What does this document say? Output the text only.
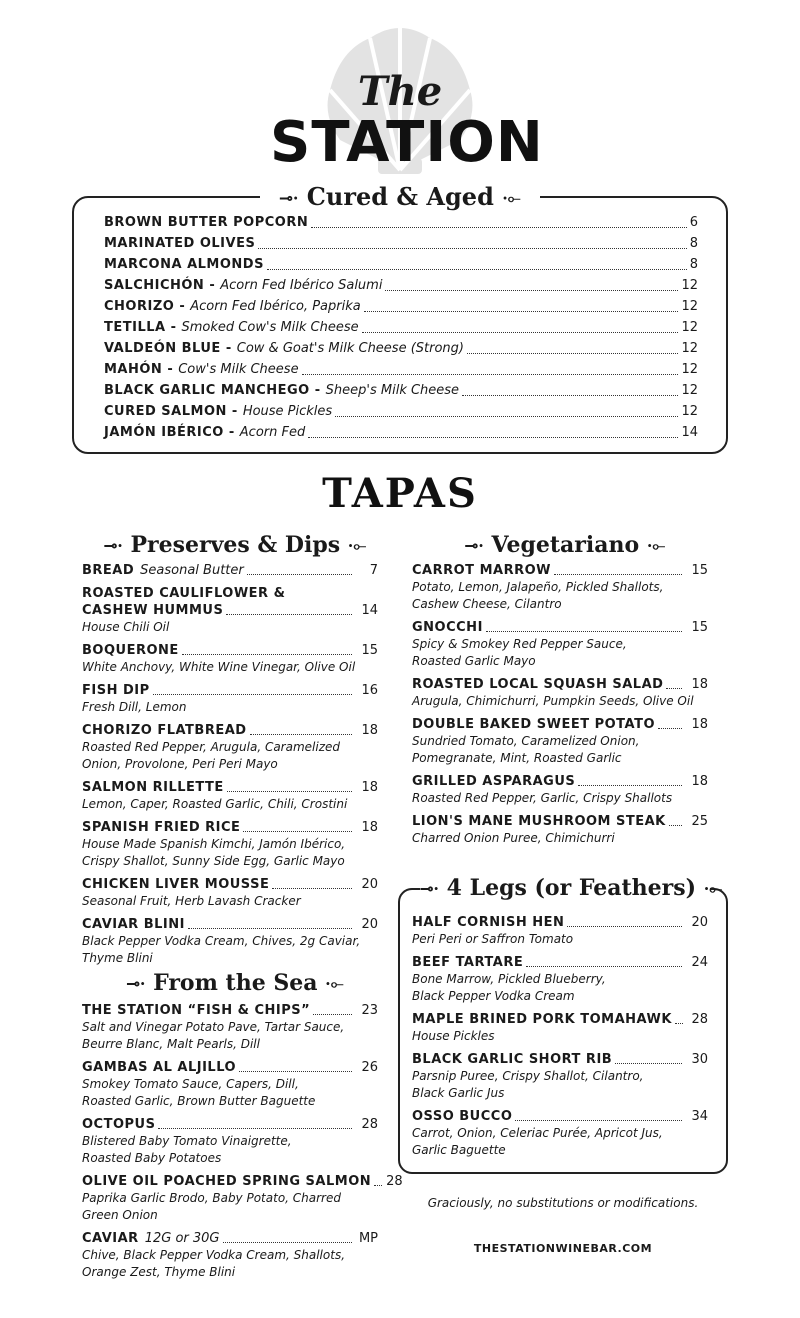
The
STATION
⊸· Cured & Aged ·⟜
BROWN BUTTER POPCORN	6
MARINATED OLIVES	8
MARCONA ALMONDS	8
SALCHICHÓN - Acorn Fed Ibérico Salumi	12
CHORIZO - Acorn Fed Ibérico, Paprika	12
TETILLA - Smoked Cow's Milk Cheese	12
VALDEÓN BLUE - Cow & Goat's Milk Cheese (Strong)	12
MAHÓN - Cow's Milk Cheese	12
BLACK GARLIC MANCHEGO - Sheep's Milk Cheese	12
CURED SALMON - House Pickles	12
JAMÓN IBÉRICO - Acorn Fed	14
TAPAS
⊸· Preserves & Dips ·⟜
BREAD Seasonal Butter	7
ROASTED CAULIFLOWER &
CASHEW HUMMUS	14
House Chili Oil
BOQUERONE	15
White Anchovy, White Wine Vinegar, Olive Oil
FISH DIP	16
Fresh Dill, Lemon
CHORIZO FLATBREAD	18
Roasted Red Pepper, Arugula, Caramelized
Onion, Provolone, Peri Peri Mayo
SALMON RILLETTE	18
Lemon, Caper, Roasted Garlic, Chili, Crostini
SPANISH FRIED RICE	18
House Made Spanish Kimchi, Jamón Ibérico,
Crispy Shallot, Sunny Side Egg, Garlic Mayo
CHICKEN LIVER MOUSSE	20
Seasonal Fruit, Herb Lavash Cracker
CAVIAR BLINI	20
Black Pepper Vodka Cream, Chives, 2g Caviar,
Thyme Blini
⊸· From the Sea ·⟜
THE STATION “FISH & CHIPS”	23
Salt and Vinegar Potato Pave, Tartar Sauce,
Beurre Blanc, Malt Pearls, Dill
GAMBAS AL ALJILLO	26
Smokey Tomato Sauce, Capers, Dill,
Roasted Garlic, Brown Butter Baguette
OCTOPUS	28
Blistered Baby Tomato Vinaigrette,
Roasted Baby Potatoes
OLIVE OIL POACHED SPRING SALMON 28
Paprika Garlic Brodo, Baby Potato, Charred
Green Onion
CAVIAR 12G or 30G	MP
Chive, Black Pepper Vodka Cream, Shallots,
Orange Zest, Thyme Blini
⊸· Vegetariano ·⟜
CARROT MARROW	15
Potato, Lemon, Jalapeño, Pickled Shallots,
Cashew Cheese, Cilantro
GNOCCHI	15
Spicy & Smokey Red Pepper Sauce,
Roasted Garlic Mayo
ROASTED LOCAL SQUASH SALAD	18
Arugula, Chimichurri, Pumpkin Seeds, Olive Oil
DOUBLE BAKED SWEET POTATO	18
Sundried Tomato, Caramelized Onion,
Pomegranate, Mint, Roasted Garlic
GRILLED ASPARAGUS	18
Roasted Red Pepper, Garlic, Crispy Shallots
LION'S MANE MUSHROOM STEAK	25
Charred Onion Puree, Chimichurri
⊸· 4 Legs (or Feathers) ·⟜
HALF CORNISH HEN	20
Peri Peri or Saffron Tomato
BEEF TARTARE	24
Bone Marrow, Pickled Blueberry,
Black Pepper Vodka Cream
MAPLE BRINED PORK TOMAHAWK	28
House Pickles
BLACK GARLIC SHORT RIB	30
Parsnip Puree, Crispy Shallot, Cilantro,
Black Garlic Jus
OSSO BUCCO	34
Carrot, Onion, Celeriac Purée, Apricot Jus,
Garlic Baguette
Graciously, no substitutions or modifications.
THESTATIONWINEBAR.COM
